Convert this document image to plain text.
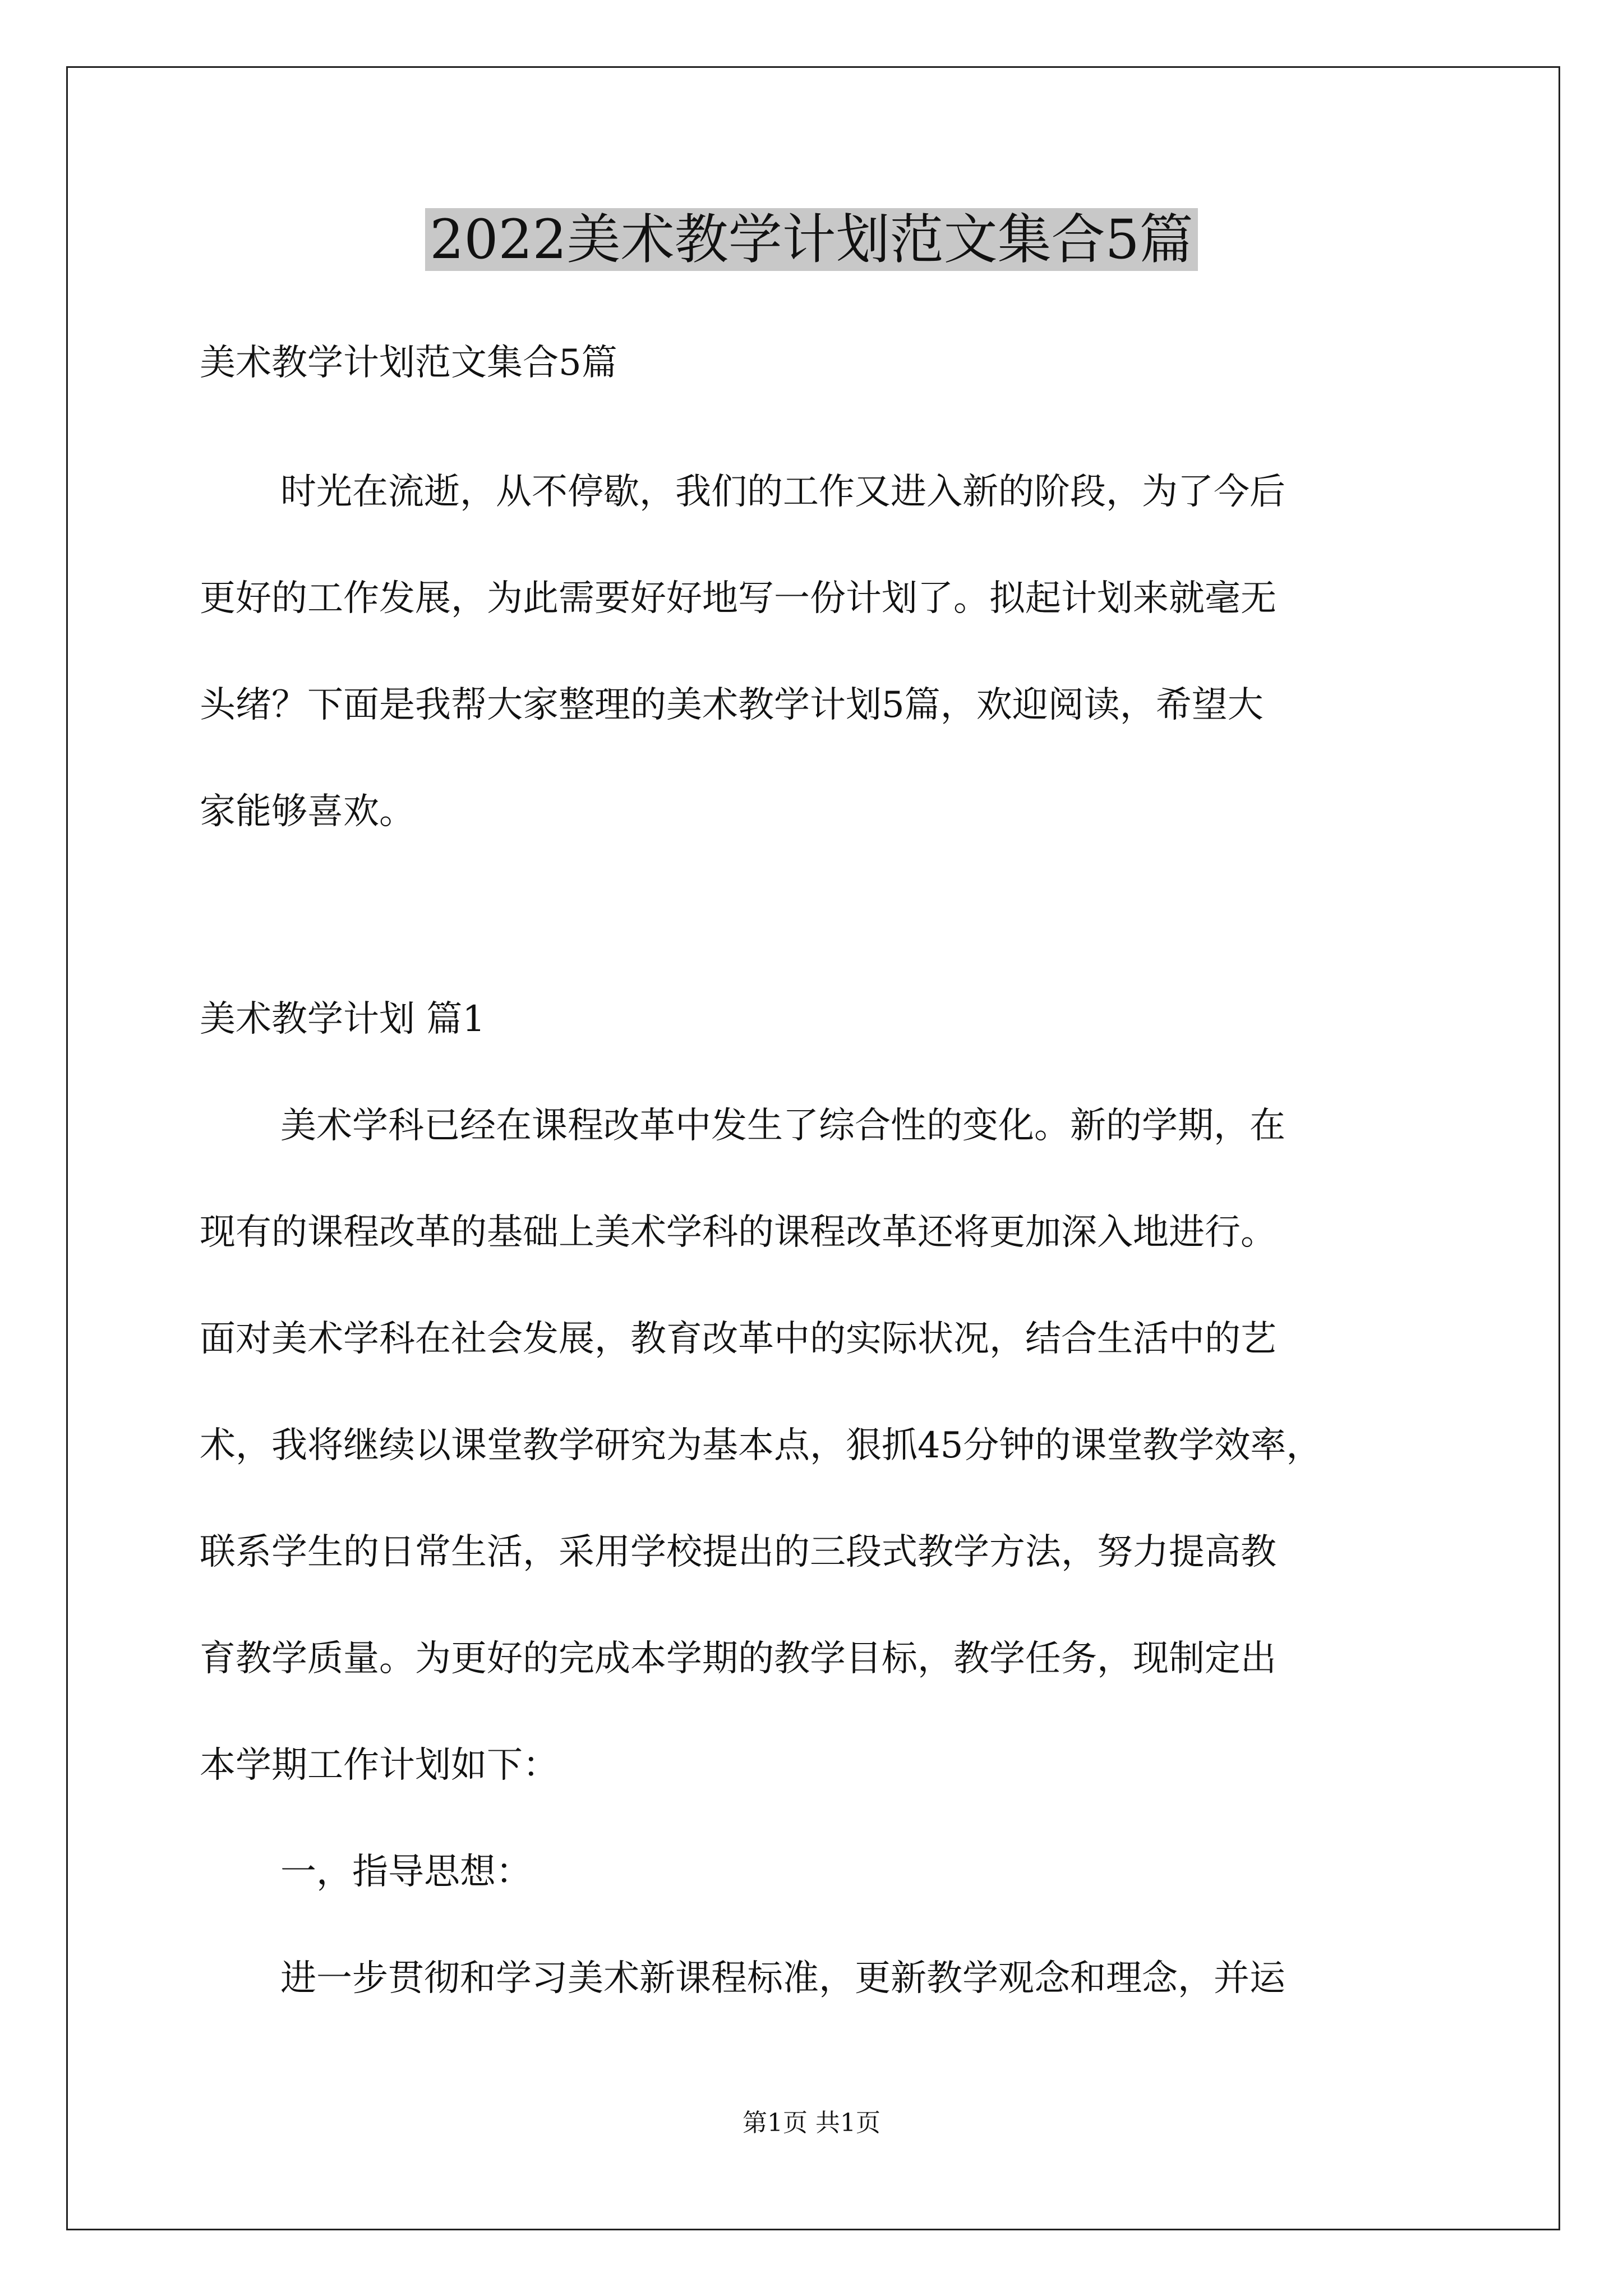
2022美术教学计划范文集合5篇
美术教学计划范文集合5篇
时光在流逝，从不停歇，我们的工作又进入新的阶段，为了今后
更好的工作发展，为此需要好好地写一份计划了。拟起计划来就毫无
头绪？下面是我帮大家整理的美术教学计划5篇，欢迎阅读，希望大
家能够喜欢。
美术教学计划 篇1
美术学科已经在课程改革中发生了综合性的变化。新的学期，在
现有的课程改革的基础上美术学科的课程改革还将更加深入地进行。
面对美术学科在社会发展，教育改革中的实际状况，结合生活中的艺
术，我将继续以课堂教学研究为基本点，狠抓45分钟的课堂教学效率，
联系学生的日常生活，采用学校提出的三段式教学方法，努力提高教
育教学质量。为更好的完成本学期的教学目标，教学任务，现制定出
本学期工作计划如下：
一，指导思想：
进一步贯彻和学习美术新课程标准，更新教学观念和理念，并运
第1页 共1页
